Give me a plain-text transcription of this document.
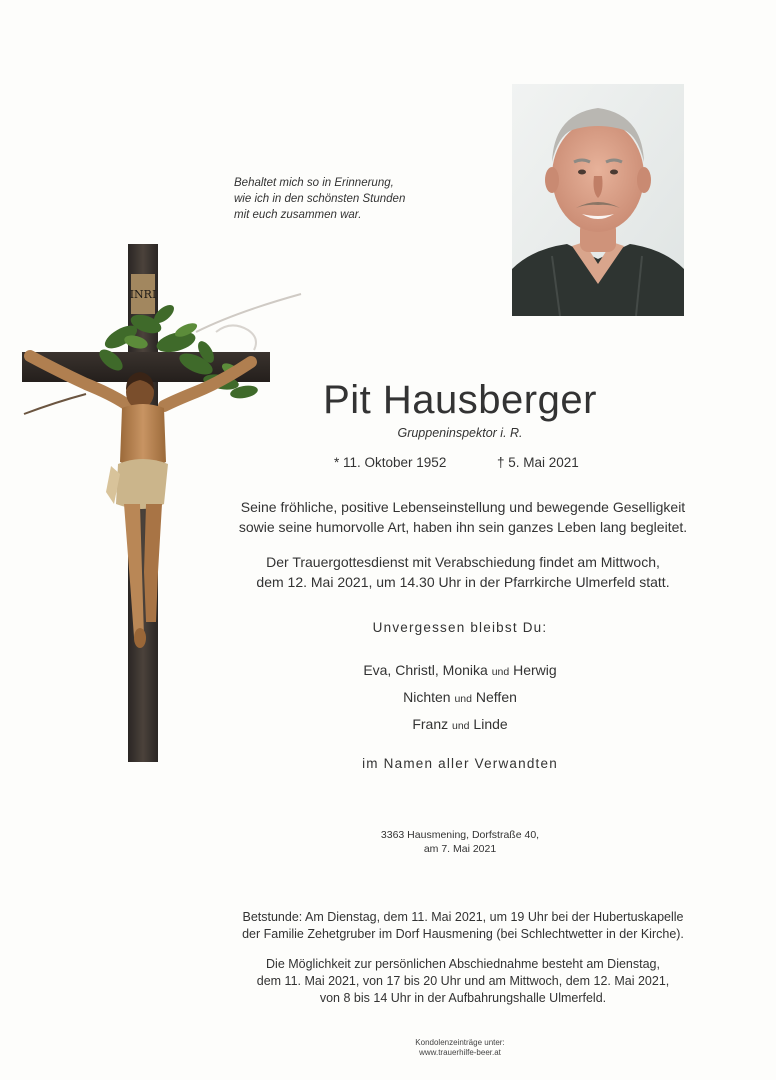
Behaltet mich so in Erinnerung,
wie ich in den schönsten Stunden
mit euch zusammen war.
INRI
Pit Hausberger
Gruppeninspektor i. R.
* 11. Oktober 1952	† 5. Mai 2021
Seine fröhliche, positive Lebenseinstellung und bewegende Geselligkeit
sowie seine humorvolle Art, haben ihn sein ganzes Leben lang begleitet.
Der Trauergottesdienst mit Verabschiedung findet am Mittwoch,
dem 12. Mai 2021, um 14.30 Uhr in der Pfarrkirche Ulmerfeld statt.
Unvergessen bleibst Du:
Eva, Christl, Monika und Herwig
Nichten und Neffen
Franz und Linde
im Namen aller Verwandten
3363 Hausmening, Dorfstraße 40,
am 7. Mai 2021
Betstunde: Am Dienstag, dem 11. Mai 2021, um 19 Uhr bei der Hubertuskapelle
der Familie Zehetgruber im Dorf Hausmening (bei Schlechtwetter in der Kirche).
Die Möglichkeit zur persönlichen Abschiednahme besteht am Dienstag,
dem 11. Mai 2021, von 17 bis 20 Uhr und am Mittwoch, dem 12. Mai 2021,
von 8 bis 14 Uhr in der Aufbahrungshalle Ulmerfeld.
Kondolenzeinträge unter:
www.trauerhilfe-beer.at
